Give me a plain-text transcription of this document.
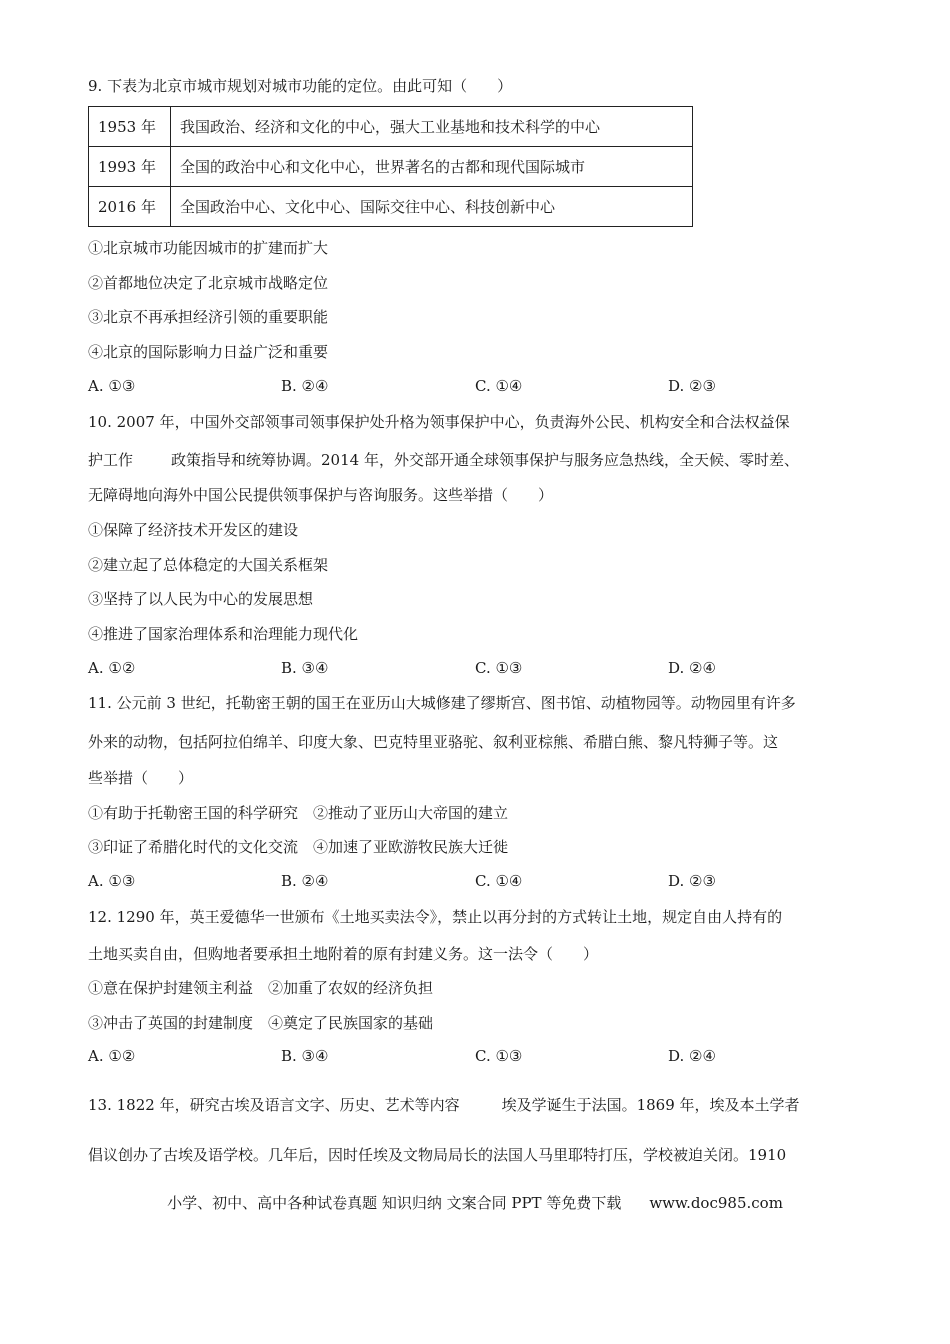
9. 下表为北京市城市规划对城市功能的定位。由此可知（　　）
1953 年	我国政治、经济和文化的中心，强大工业基地和技术科学的中心
1993 年	全国的政治中心和文化中心，世界著名的古都和现代国际城市
2016 年	全国政治中心、文化中心、国际交往中心、科技创新中心
①北京城市功能因城市的扩建而扩大
②首都地位决定了北京城市战略定位
③北京不再承担经济引领的重要职能
④北京的国际影响力日益广泛和重要
A. ①③	B. ②④	C. ①④	D. ②③
10. 2007 年，中国外交部领事司领事保护处升格为领事保护中心，负责海外公民、机构安全和合法权益保
护工作	政策指导和统筹协调。2014 年，外交部开通全球领事保护与服务应急热线，全天候、零时差、
无障碍地向海外中国公民提供领事保护与咨询服务。这些举措（　　）
①保障了经济技术开发区的建设
②建立起了总体稳定的大国关系框架
③坚持了以人民为中心的发展思想
④推进了国家治理体系和治理能力现代化
A. ①②	B. ③④	C. ①③	D. ②④
11. 公元前 3 世纪，托勒密王朝的国王在亚历山大城修建了缪斯宫、图书馆、动植物园等。动物园里有许多
外来的动物，包括阿拉伯绵羊、印度大象、巴克特里亚骆驼、叙利亚棕熊、希腊白熊、黎凡特狮子等。这
些举措（　　）
①有助于托勒密王国的科学研究　 ②推动了亚历山大帝国的建立
③印证了希腊化时代的文化交流　 ④加速了亚欧游牧民族大迁徙
A. ①③	B. ②④	C. ①④	D. ②③
12. 1290 年，英王爱德华一世颁布《土地买卖法令》，禁止以再分封的方式转让土地，规定自由人持有的
土地买卖自由，但购地者要承担土地附着的原有封建义务。这一法令（　　）
①意在保护封建领主利益　 ②加重了农奴的经济负担
③冲击了英国的封建制度　 ④奠定了民族国家的基础
A. ①②	B. ③④	C. ①③	D. ②④
13. 1822 年，研究古埃及语言文字、历史、艺术等内容	埃及学诞生于法国。1869 年，埃及本土学者
倡议创办了古埃及语学校。几年后，因时任埃及文物局局长的法国人马里耶特打压，学校被迫关闭。1910
小学、初中、高中各种试卷真题 知识归纳 文案合同 PPT 等免费下载 www.doc985.com
